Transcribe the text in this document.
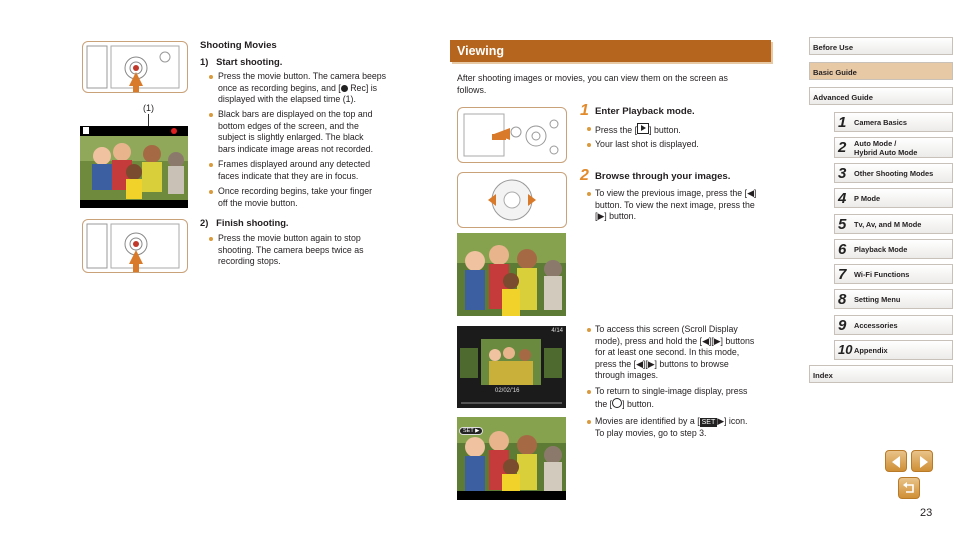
(1)
Shooting Movies
1)   Start shooting.
Press the movie button. The camera beeps
once as recording begins, and [ Rec] is
displayed with the elapsed time (1).
Black bars are displayed on the top and
bottom edges of the screen, and the
subject is slightly enlarged. The black
bars indicate image areas not recorded.
Frames displayed around any detected
faces indicate that they are in focus.
Once recording begins, take your finger
off the movie button.
2)   Finish shooting.
Press the movie button again to stop
shooting. The camera beeps twice as
recording stops.
Viewing
After shooting images or movies, you can view them on the screen as
follows.
1 Enter Playback mode.
Press the [ ] button.
Your last shot is displayed.
2 Browse through your images.
To view the previous image, press the [◀]
button. To view the next image, press the
[▶] button.
4/14
02/02/'16
To access this screen (Scroll Display
mode), press and hold the [◀][▶] buttons
for at least one second. In this mode,
press the [◀][▶] buttons to browse
through images.
To return to single-image display, press
the [ ] button.
SET ▶
Movies are identified by a [ SET ▶] icon.
To play movies, go to step 3.
Before Use
Basic Guide
Advanced Guide
1 Camera Basics
2 Auto Mode /
Hybrid Auto Mode
3 Other Shooting Modes
4 P Mode
5 Tv, Av, and M Mode
6 Playback Mode
7 Wi-Fi Functions
8 Setting Menu
9 Accessories
10 Appendix
Index
23
